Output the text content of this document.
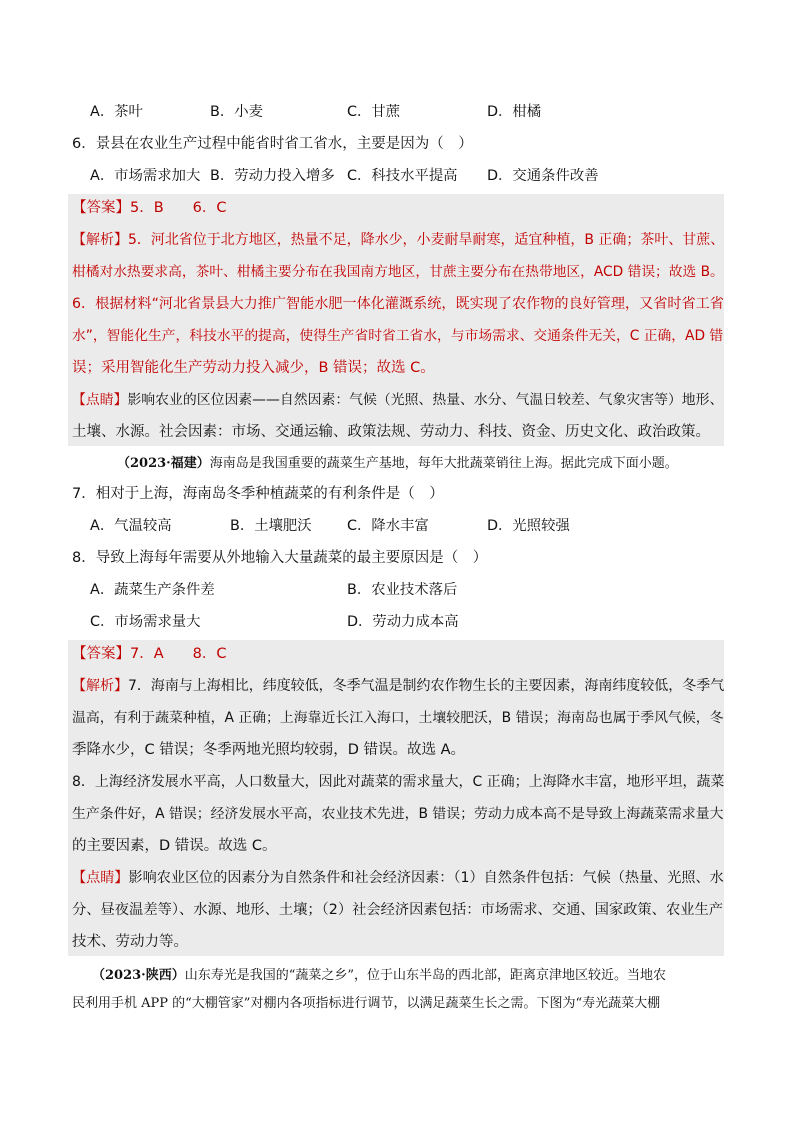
A．茶叶	B．小麦	C．甘蔗	D．柑橘
6．景县在农业生产过程中能省时省工省水，主要是因为（　）
A．市场需求加大 B．劳动力投入增多 C．科技水平提高 D．交通条件改善
【答案】5．B　　6．C
【解析】5．河北省位于北方地区，热量不足，降水少，小麦耐旱耐寒，适宜种植，B 正确；茶叶、甘蔗、
柑橘对水热要求高，茶叶、柑橘主要分布在我国南方地区，甘蔗主要分布在热带地区，ACD 错误；故选 B。
6．根据材料“河北省景县大力推广智能水肥一体化灌溉系统，既实现了农作物的良好管理，又省时省工省
水”，智能化生产，科技水平的提高，使得生产省时省工省水，与市场需求、交通条件无关，C 正确，AD 错
误；采用智能化生产劳动力投入减少，B 错误；故选 C。
【点睛】影响农业的区位因素——自然因素：气候（光照、热量、水分、气温日较差、气象灾害等）地形、
土壤、水源。社会因素：市场、交通运输、政策法规、劳动力、科技、资金、历史文化、政治政策。
（2023·福建）海南岛是我国重要的蔬菜生产基地，每年大批蔬菜销往上海。据此完成下面小题。
7．相对于上海，海南岛冬季种植蔬菜的有利条件是（　）
A．气温较高	B．土壤肥沃 C．降水丰富	D．光照较强
8．导致上海每年需要从外地输入大量蔬菜的最主要原因是（　）
A．蔬菜生产条件差	B．农业技术落后
C．市场需求量大	D．劳动力成本高
【答案】7．A　　8．C
【解析】7．海南与上海相比，纬度较低，冬季气温是制约农作物生长的主要因素，海南纬度较低，冬季气
温高，有利于蔬菜种植，A 正确；上海靠近长江入海口，土壤较肥沃，B 错误；海南岛也属于季风气候，冬
季降水少，C 错误；冬季两地光照均较弱，D 错误。故选 A。
8．上海经济发展水平高，人口数量大，因此对蔬菜的需求量大，C 正确；上海降水丰富，地形平坦，蔬菜
生产条件好，A 错误；经济发展水平高，农业技术先进，B 错误；劳动力成本高不是导致上海蔬菜需求量大
的主要因素，D 错误。故选 C。
【点睛】影响农业区位的因素分为自然条件和社会经济因素：（1）自然条件包括：气候（热量、光照、水
分、昼夜温差等）、水源、地形、土壤；（2）社会经济因素包括：市场需求、交通、国家政策、农业生产
技术、劳动力等。
（2023·陕西）山东寿光是我国的“蔬菜之乡”，位于山东半岛的西北部，距离京津地区较近。当地农
民利用手机 APP 的“大棚管家”对棚内各项指标进行调节，以满足蔬菜生长之需。下图为“寿光蔬菜大棚
